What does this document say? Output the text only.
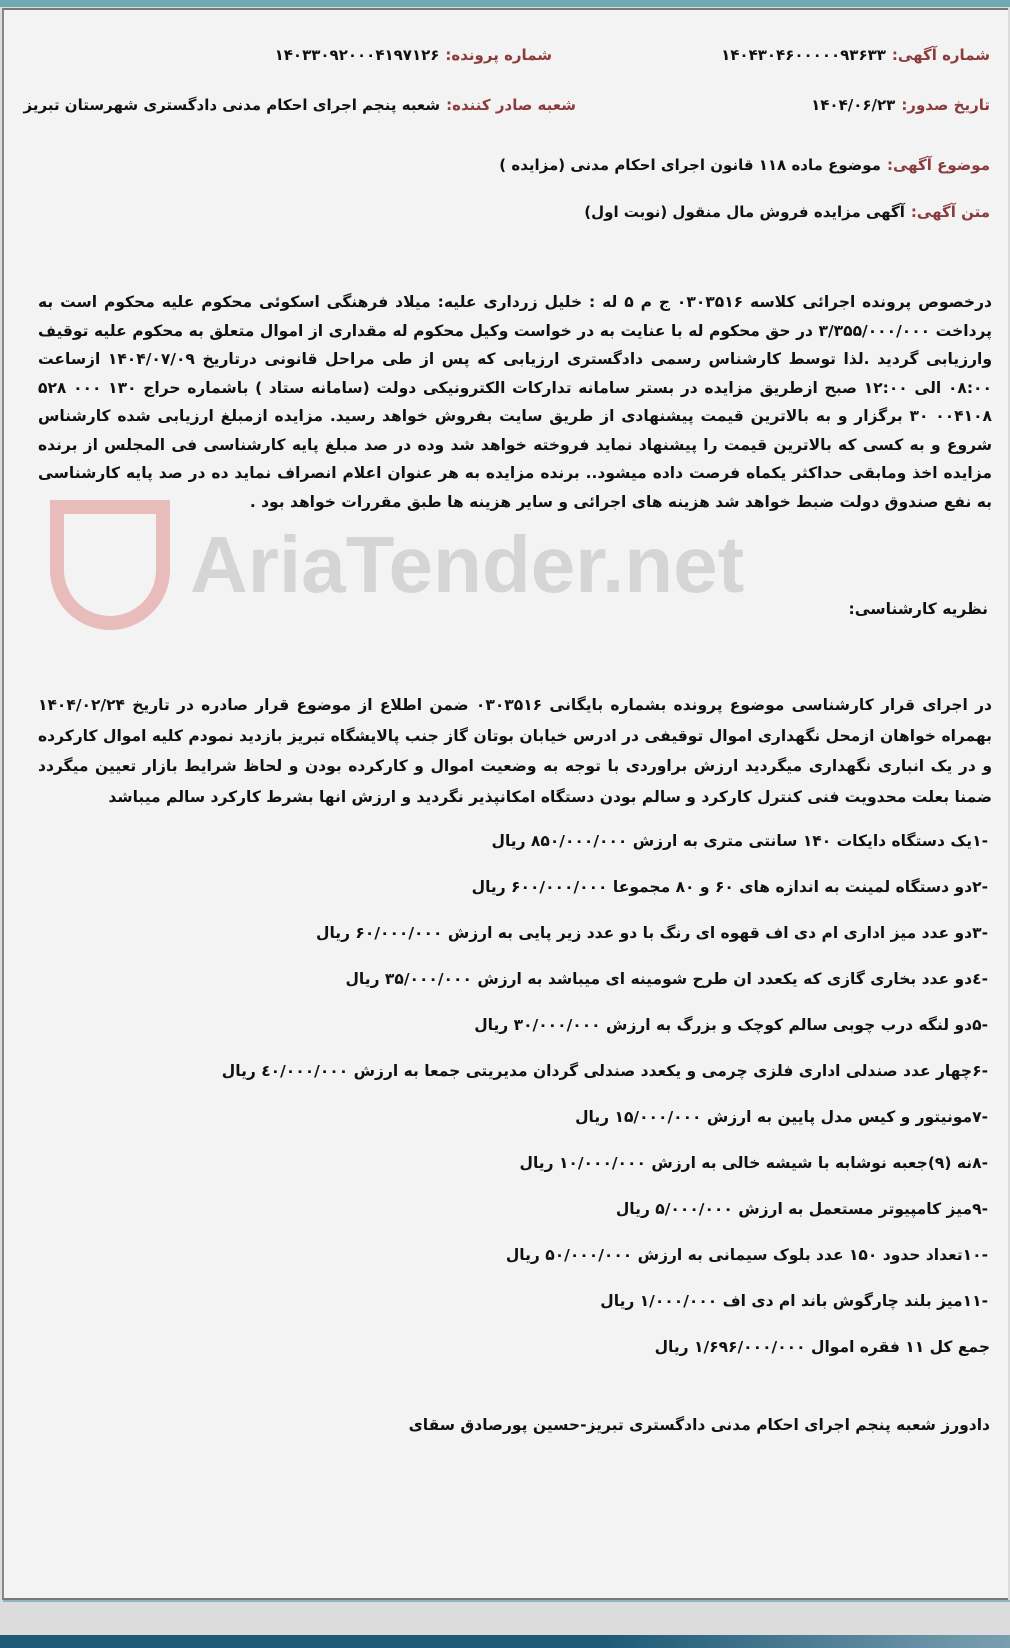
AriaTender.net
شماره آگهی:۱۴۰۴۳۰۴۶۰۰۰۰۰۹۳۶۳۳
شماره پرونده:۱۴۰۳۳۰۹۲۰۰۰۴۱۹۷۱۲۶
تاریخ صدور:۱۴۰۴/۰۶/۲۳
شعبه صادر کننده:شعبه پنجم اجرای احکام مدنی دادگستری شهرستان تبریز
موضوع آگهی:موضوع ماده ۱۱۸ قانون اجرای احکام مدنی (مزایده )
متن آگهی:آگهی مزایده فروش مال منقول (نوبت اول)
درخصوص پرونده اجرائی کلاسه ۰۳۰۳۵۱۶ ج م ۵ له : خلیل زرداری علیه: میلاد فرهنگی اسکوئی محکوم علیه محکوم است به پرداخت ۳/۳۵۵/۰۰۰/۰۰۰ در حق محکوم له با عنایت به در خواست وکیل محکوم له مقداری از اموال متعلق به محکوم علیه توقیف وارزیابی گردید .لذا توسط کارشناس رسمی دادگستری ارزیابی که پس از طی مراحل قانونی درتاریخ ۱۴۰۴/۰۷/۰۹ ازساعت ۰۸:۰۰ الی ۱۲:۰۰ صبح ازطریق مزایده در بستر سامانه تدارکات الکترونیکی دولت (سامانه ستاد ) باشماره حراج ۱۳۰ ۰۰۰ ۵۲۸ ۰۰۴۱۰۸ ۳۰ برگزار و به بالاترین قیمت پیشنهادی از طریق سایت بفروش خواهد رسید. مزایده ازمبلغ ارزیابی شده کارشناس شروع و به کسی که بالاترین قیمت را پیشنهاد نماید فروخته خواهد شد وده در صد مبلغ پایه کارشناسی فی المجلس از برنده مزایده اخذ ومابقی حداکثر یکماه فرصت داده میشود.. برنده مزایده به هر عنوان اعلام انصراف نماید ده در صد پایه کارشناسی به نفع صندوق دولت ضبط خواهد شد هزینه های اجرائی و سایر هزینه ها طبق مقررات خواهد بود .
نظریه کارشناسی:
در اجرای قرار کارشناسی موضوع پرونده بشماره بایگانی ۰۳۰۳۵۱۶ ضمن اطلاع از موضوع قرار صادره در تاریخ ۱۴۰۴/۰۲/۲۴ بهمراه خواهان ازمحل نگهداری اموال توقیفی در ادرس خیابان بوتان گاز جنب پالایشگاه تبریز بازدید نمودم کلیه اموال کارکرده و در یک انباری نگهداری میگردید ارزش براوردی با توجه به وضعیت اموال و کارکرده بودن و لحاظ شرایط بازار تعیین میگردد ضمنا بعلت محدویت فنی کنترل کارکرد و سالم بودن دستگاه امکانپذیر نگردید و ارزش انها بشرط کارکرد سالم میباشد
-۱یک دستگاه دایکات ۱۴۰ سانتی متری به ارزش ۸۵۰/۰۰۰/۰۰۰ ریال
-۲دو دستگاه لمینت به اندازه های ۶۰ و ۸۰ مجموعا ۶۰۰/۰۰۰/۰۰۰ ریال
-۳دو عدد میز اداری ام دی اف قهوه ای رنگ با دو عدد زیر پایی به ارزش ۶۰/۰۰۰/۰۰۰ ریال
-٤دو عدد بخاری گازی که یکعدد ان طرح شومینه ای میباشد به ارزش ۳۵/۰۰۰/۰۰۰ ریال
-۵دو لنگه درب چوبی سالم کوچک و بزرگ به ارزش ۳۰/۰۰۰/۰۰۰ ریال
-۶چهار عدد صندلی اداری فلزی چرمی و یکعدد صندلی گردان مدیریتی جمعا به ارزش ٤۰/۰۰۰/۰۰۰ ریال
-۷مونیتور و کیس مدل پایین به ارزش ۱۵/۰۰۰/۰۰۰ ریال
-۸نه (۹)جعبه نوشابه با شیشه خالی به ارزش ۱۰/۰۰۰/۰۰۰ ریال
-۹میز کامپیوتر مستعمل به ارزش ۵/۰۰۰/۰۰۰ ریال
-۱۰تعداد حدود ۱۵۰ عدد بلوک سیمانی به ارزش ۵۰/۰۰۰/۰۰۰ ریال
-۱۱میز بلند چارگوش باند ام دی اف ۱/۰۰۰/۰۰۰ ریال
جمع کل ۱۱ فقره اموال ۱/۶۹۶/۰۰۰/۰۰۰ ریال
دادورز شعبه پنجم اجرای احکام مدنی دادگستری تبریز-حسین پورصادق سقای
